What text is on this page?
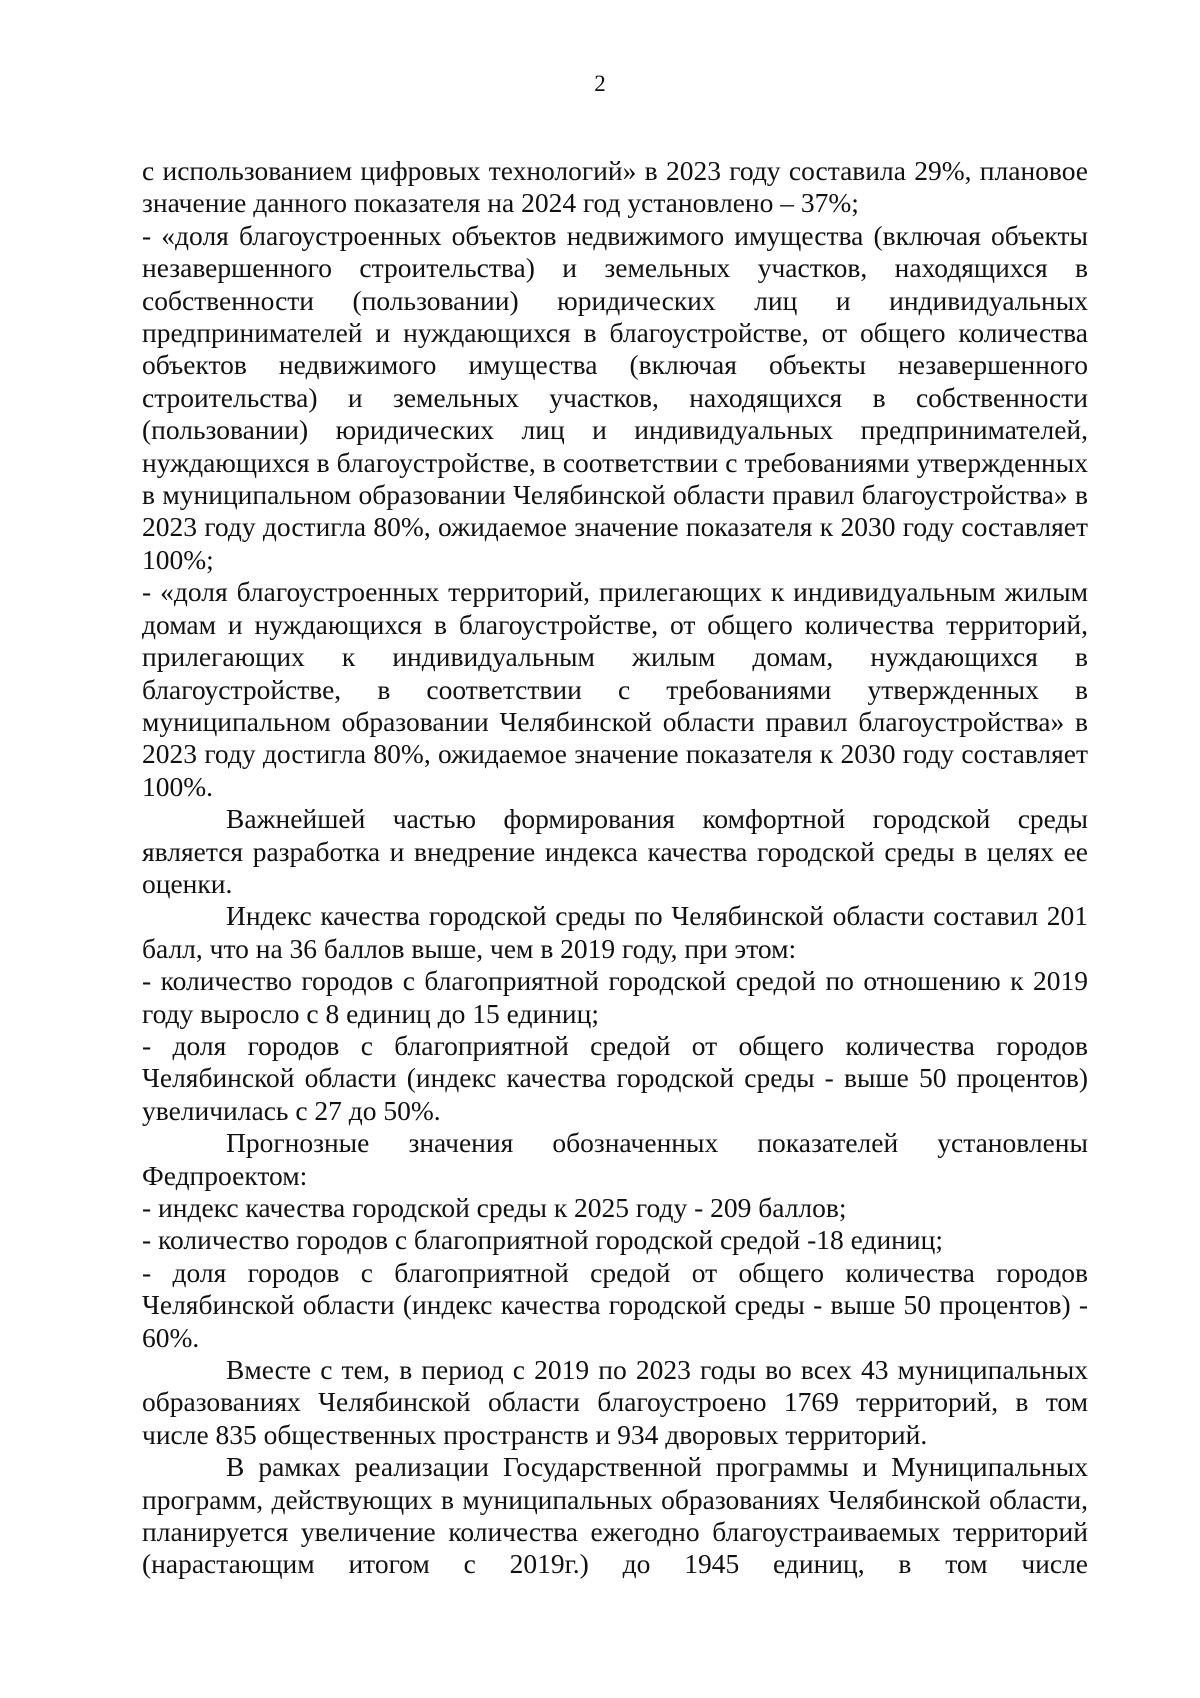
2

с использованием цифровых технологий» в 2023 году составила 29%, плановое значение данного показателя на 2024 год установлено – 37%;

- «доля благоустроенных объектов недвижимого имущества (включая объекты незавершенного строительства) и земельных участков, находящихся в собственности (пользовании) юридических лиц и индивидуальных предпринимателей и нуждающихся в благоустройстве, от общего количества объектов недвижимого имущества (включая объекты незавершенного строительства) и земельных участков, находящихся в собственности (пользовании) юридических лиц и индивидуальных предпринимателей, нуждающихся в благоустройстве, в соответствии с требованиями утвержденных в муниципальном образовании Челябинской области правил благоустройства» в 2023 году достигла 80%, ожидаемое значение показателя к 2030 году составляет 100%;

- «доля благоустроенных территорий, прилегающих к индивидуальным жилым домам и нуждающихся в благоустройстве, от общего количества территорий, прилегающих к индивидуальным жилым домам, нуждающихся в благоустройстве, в соответствии с требованиями утвержденных в муниципальном образовании Челябинской области правил благоустройства» в 2023 году достигла 80%, ожидаемое значение показателя к 2030 году составляет 100%.

Важнейшей частью формирования комфортной городской среды является разработка и внедрение индекса качества городской среды в целях ее оценки.

Индекс качества городской среды по Челябинской области составил 201 балл, что на 36 баллов выше, чем в 2019 году, при этом:

- количество городов с благоприятной городской средой по отношению к 2019 году выросло с 8 единиц до 15 единиц;

- доля городов с благоприятной средой от общего количества городов Челябинской области (индекс качества городской среды - выше 50 процентов) увеличилась с 27 до 50%.

Прогнозные значения обозначенных показателей установлены Федпроектом:

- индекс качества городской среды к 2025 году - 209 баллов;

- количество городов с благоприятной городской средой -18 единиц;

- доля городов с благоприятной средой от общего количества городов Челябинской области (индекс качества городской среды - выше 50 процентов) - 60%.

Вместе с тем, в период с 2019 по 2023 годы во всех 43 муниципальных образованиях Челябинской области благоустроено 1769 территорий, в том числе 835 общественных пространств и 934 дворовых территорий.

В рамках реализации Государственной программы и Муниципальных программ, действующих в муниципальных образованиях Челябинской области, планируется увеличение количества ежегодно благоустраиваемых территорий (нарастающим итогом с 2019г.) до 1945 единиц, в том числе
